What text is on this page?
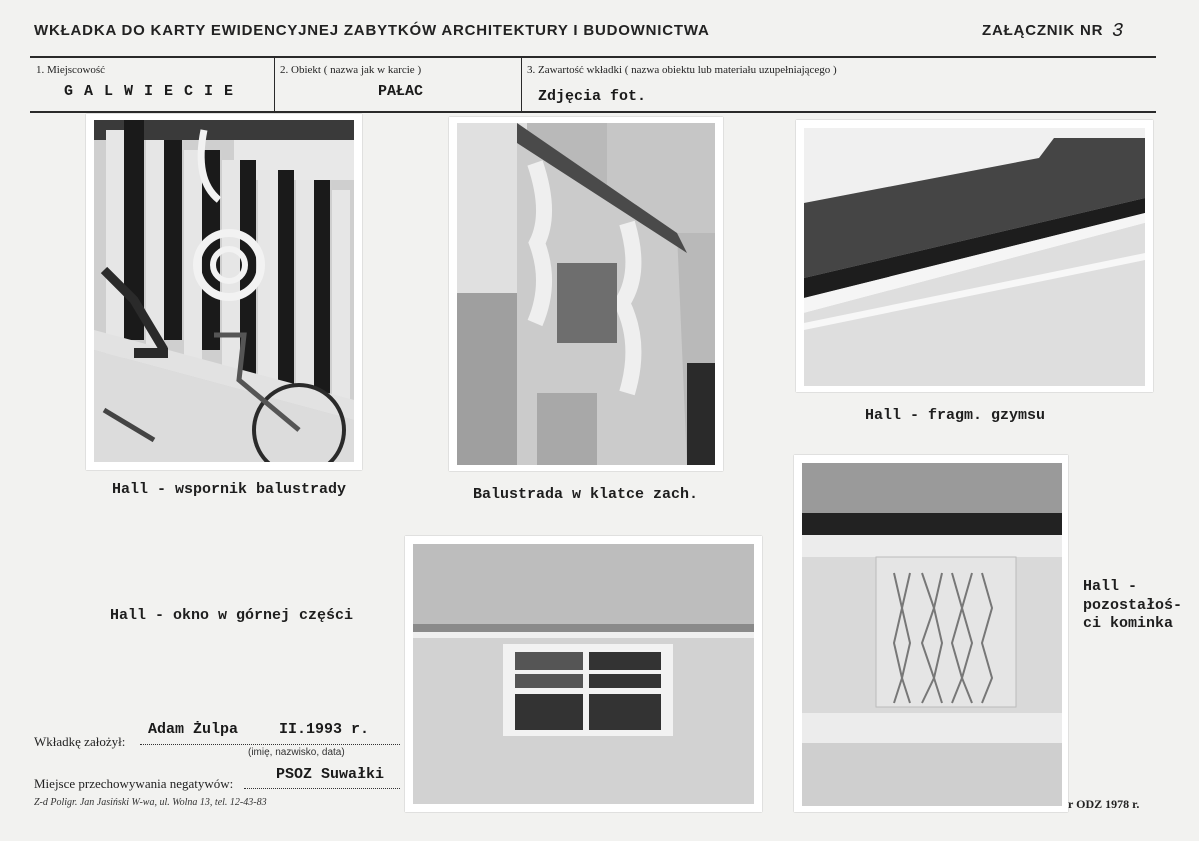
WKŁADKA DO KARTY EWIDENCYJNEJ ZABYTKÓW ARCHITEKTURY I BUDOWNICTWA	ZAŁĄCZNIK NR 3
1. Miejscowość
G A L W I E C I E
2. Obiekt ( nazwa jak w karcie )
PAŁAC
3. Zawartość wkładki ( nazwa obiektu lub materiału uzupełniającego )
Zdjęcia fot.
Hall - wspornik balustrady	Balustrada w klatce zach.
Hall - fragm. gzymsu
Hall - okno w górnej części
Hall -
pozostałoś-
ci kominka
Wkładkę założył:
Adam Żulpa	II.1993 r.
(imię, nazwisko, data)
Miejsce przechowywania negatywów:
PSOZ Suwałki
Z-d Poligr. Jan Jasiński W-wa, ul. Wolna 13, tel. 12-43-83	r ODZ 1978 r.
